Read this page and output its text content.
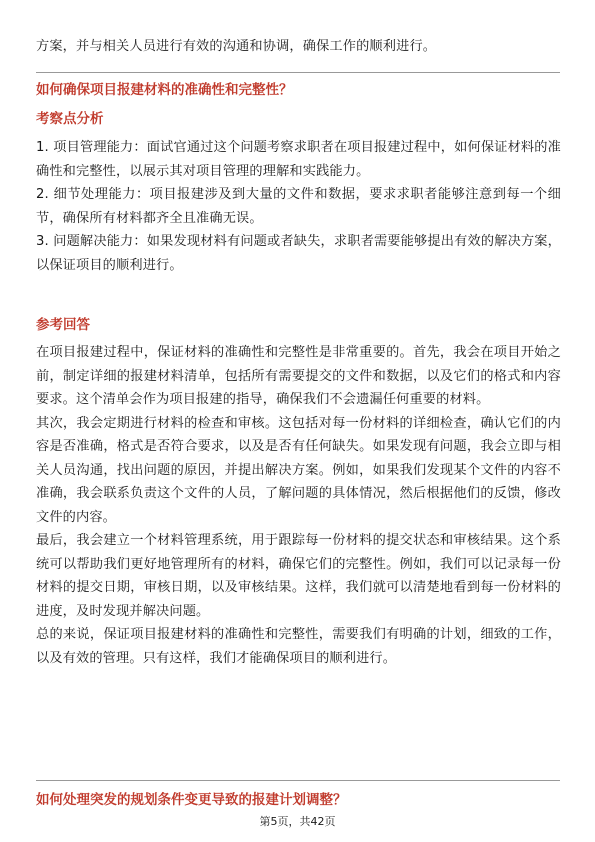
方案，并与相关人员进行有效的沟通和协调，确保工作的顺利进行。

如何确保项目报建材料的准确性和完整性？
考察点分析

1. 项目管理能力：面试官通过这个问题考察求职者在项目报建过程中，如何保证材料的准确性和完整性，以展示其对项目管理的理解和实践能力。

2. 细节处理能力：项目报建涉及到大量的文件和数据，要求求职者能够注意到每一个细节，确保所有材料都齐全且准确无误。

3. 问题解决能力：如果发现材料有问题或者缺失，求职者需要能够提出有效的解决方案，以保证项目的顺利进行。

参考回答

在项目报建过程中，保证材料的准确性和完整性是非常重要的。首先，我会在项目开始之前，制定详细的报建材料清单，包括所有需要提交的文件和数据，以及它们的格式和内容要求。这个清单会作为项目报建的指导，确保我们不会遗漏任何重要的材料。

其次，我会定期进行材料的检查和审核。这包括对每一份材料的详细检查，确认它们的内容是否准确，格式是否符合要求，以及是否有任何缺失。如果发现有问题，我会立即与相关人员沟通，找出问题的原因，并提出解决方案。例如，如果我们发现某个文件的内容不准确，我会联系负责这个文件的人员，了解问题的具体情况，然后根据他们的反馈，修改文件的内容。

最后，我会建立一个材料管理系统，用于跟踪每一份材料的提交状态和审核结果。这个系统可以帮助我们更好地管理所有的材料，确保它们的完整性。例如，我们可以记录每一份材料的提交日期，审核日期，以及审核结果。这样，我们就可以清楚地看到每一份材料的进度，及时发现并解决问题。

总的来说，保证项目报建材料的准确性和完整性，需要我们有明确的计划，细致的工作，以及有效的管理。只有这样，我们才能确保项目的顺利进行。

如何处理突发的规划条件变更导致的报建计划调整？
第5页，共42页
